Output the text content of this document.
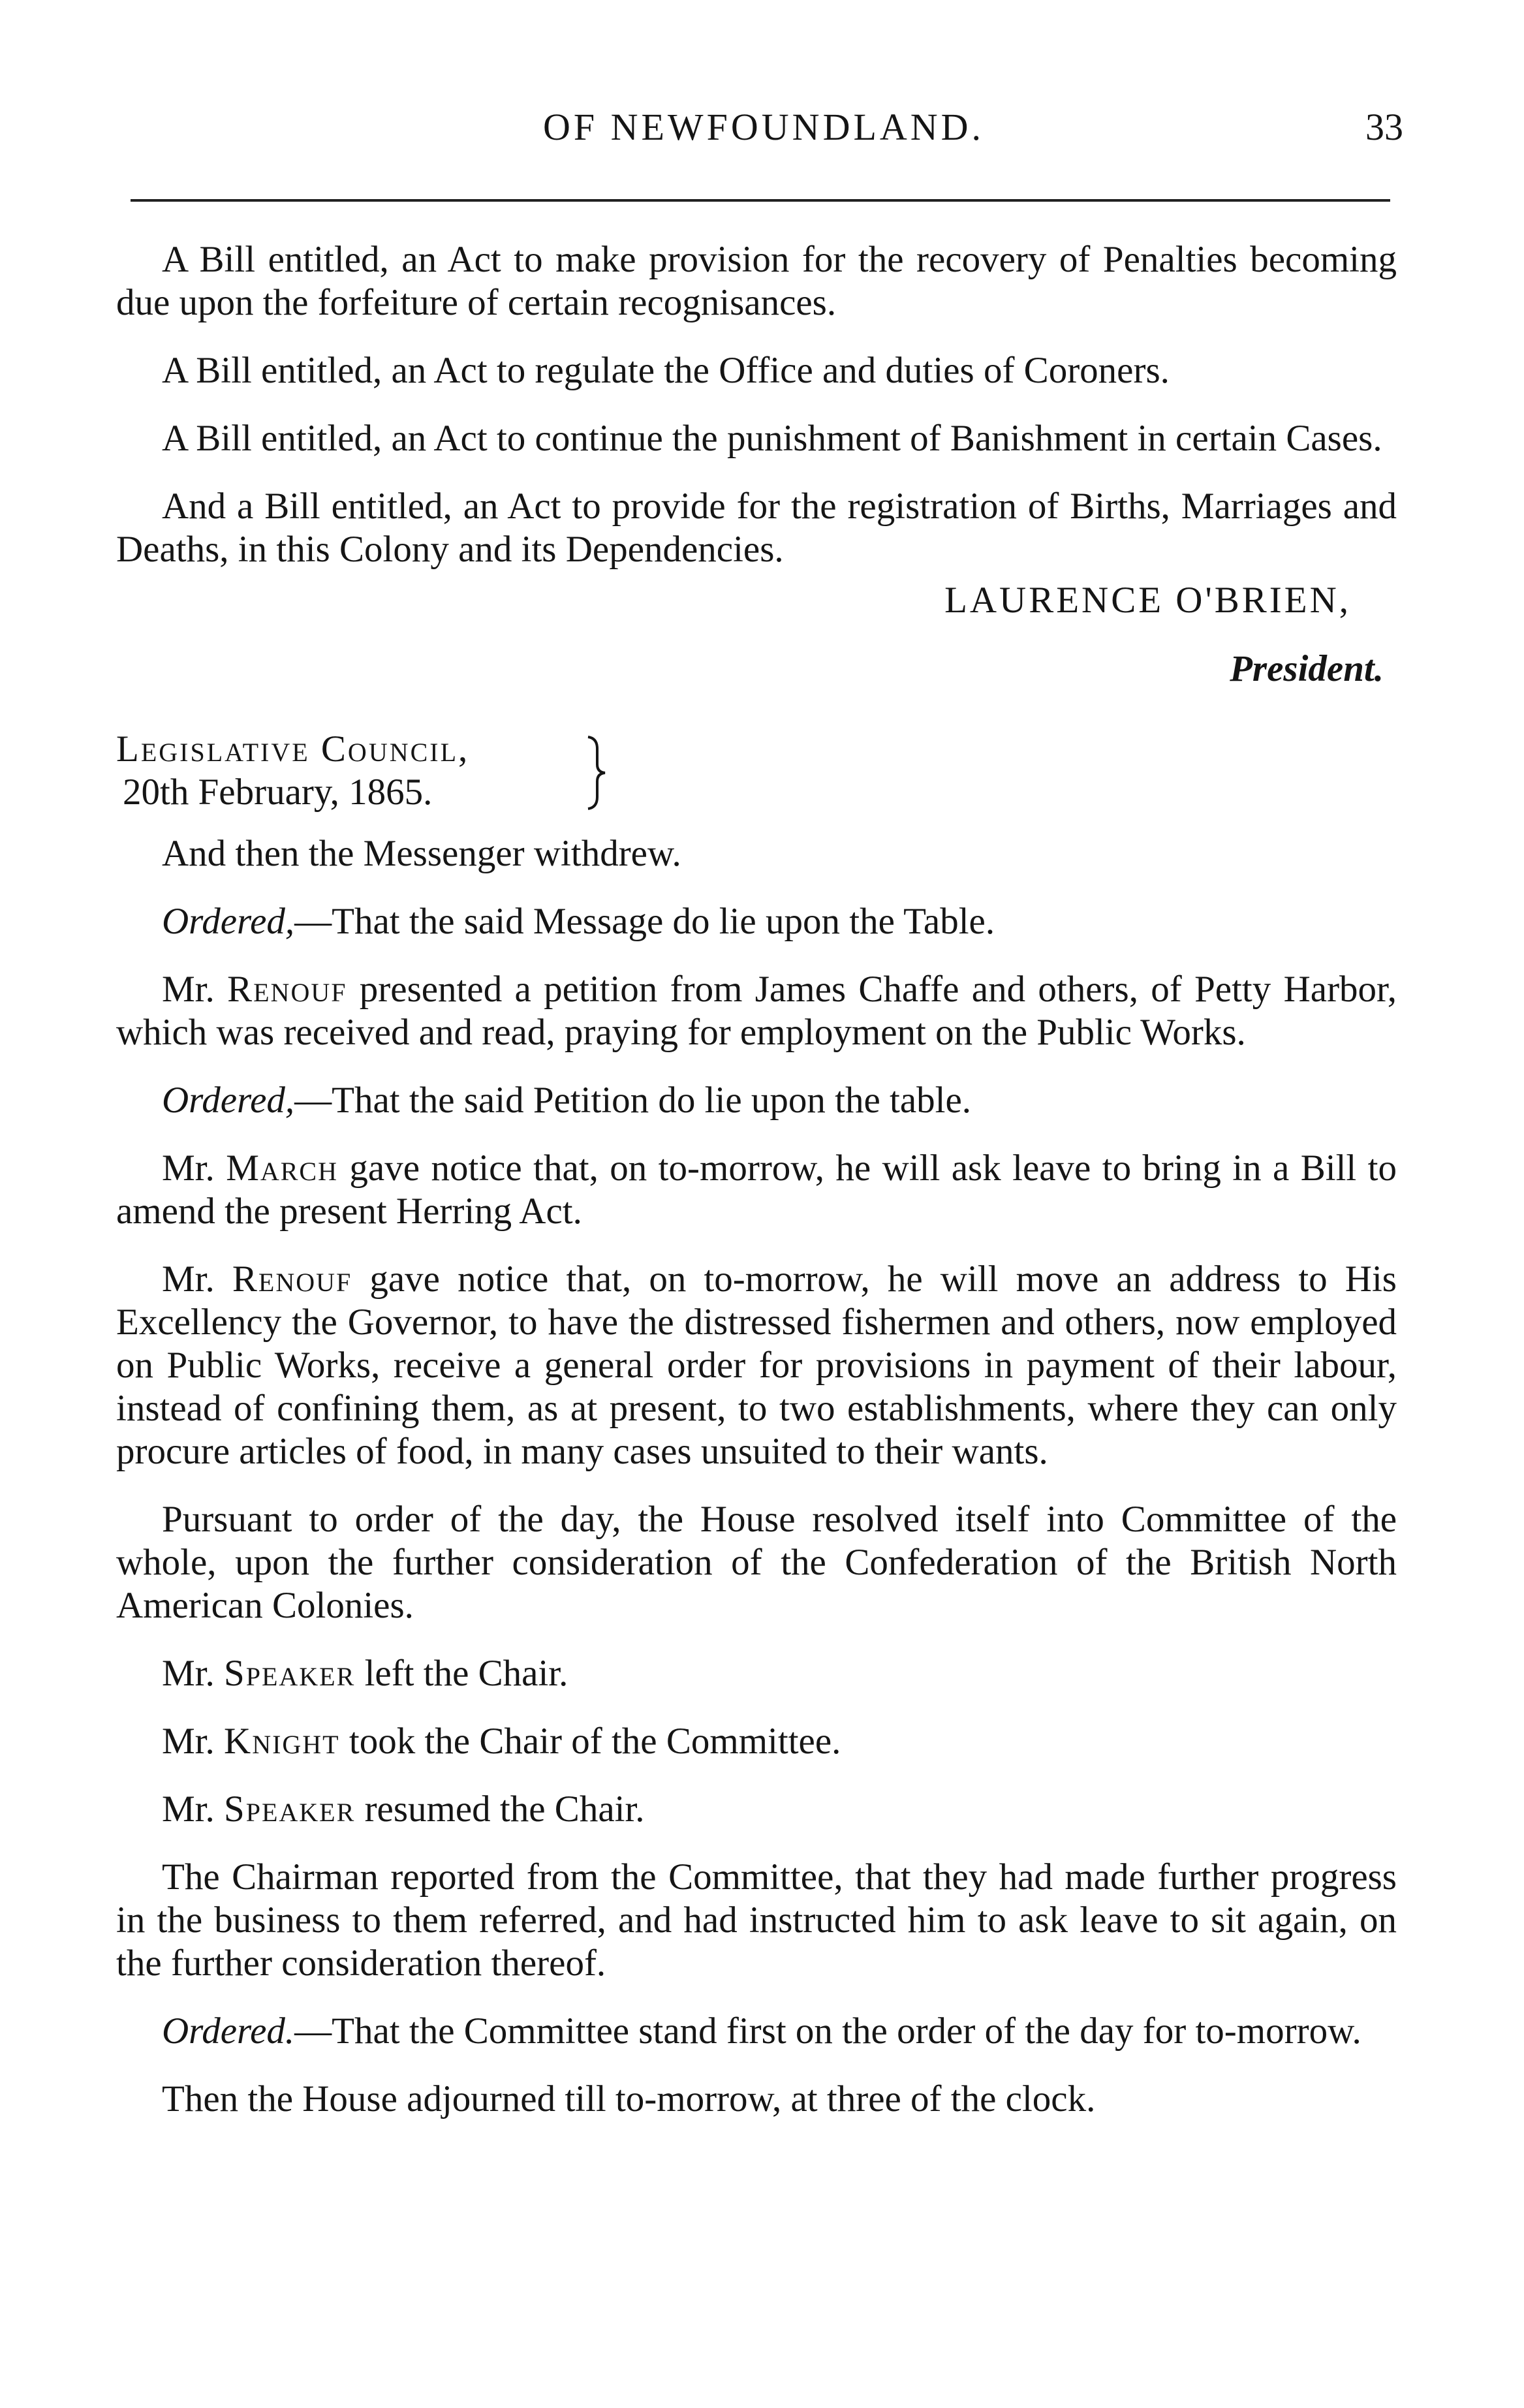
OF NEWFOUNDLAND.	33

A Bill entitled, an Act to make provision for the recovery of Penalties becoming due upon the forfeiture of certain recognisances.

A Bill entitled, an Act to regulate the Office and duties of Coroners.

A Bill entitled, an Act to continue the punishment of Banishment in certain Cases.

And a Bill entitled, an Act to provide for the registration of Births, Marriages and Deaths, in this Colony and its Dependencies.

LAURENCE O'BRIEN,
President.
Legislative Council,
20th February, 1865.

And then the Messenger withdrew.

Ordered,—That the said Message do lie upon the Table.

Mr. Renouf presented a petition from James Chaffe and others, of Petty Harbor, which was received and read, praying for employment on the Public Works.

Ordered,—That the said Petition do lie upon the table.

Mr. March gave notice that, on to-morrow, he will ask leave to bring in a Bill to amend the present Herring Act.

Mr. Renouf gave notice that, on to-morrow, he will move an address to His Excellency the Governor, to have the distressed fishermen and others, now employed on Public Works, receive a general order for provisions in payment of their labour, instead of confining them, as at present, to two establishments, where they can only procure articles of food, in many cases unsuited to their wants.

Pursuant to order of the day, the House resolved itself into Committee of the whole, upon the further consideration of the Confederation of the British North American Colonies.

Mr. Speaker left the Chair.

Mr. Knight took the Chair of the Committee.

Mr. Speaker resumed the Chair.

The Chairman reported from the Committee, that they had made further progress in the business to them referred, and had instructed him to ask leave to sit again, on the further consideration thereof.

Ordered.—That the Committee stand first on the order of the day for to-morrow.

Then the House adjourned till to-morrow, at three of the clock.
